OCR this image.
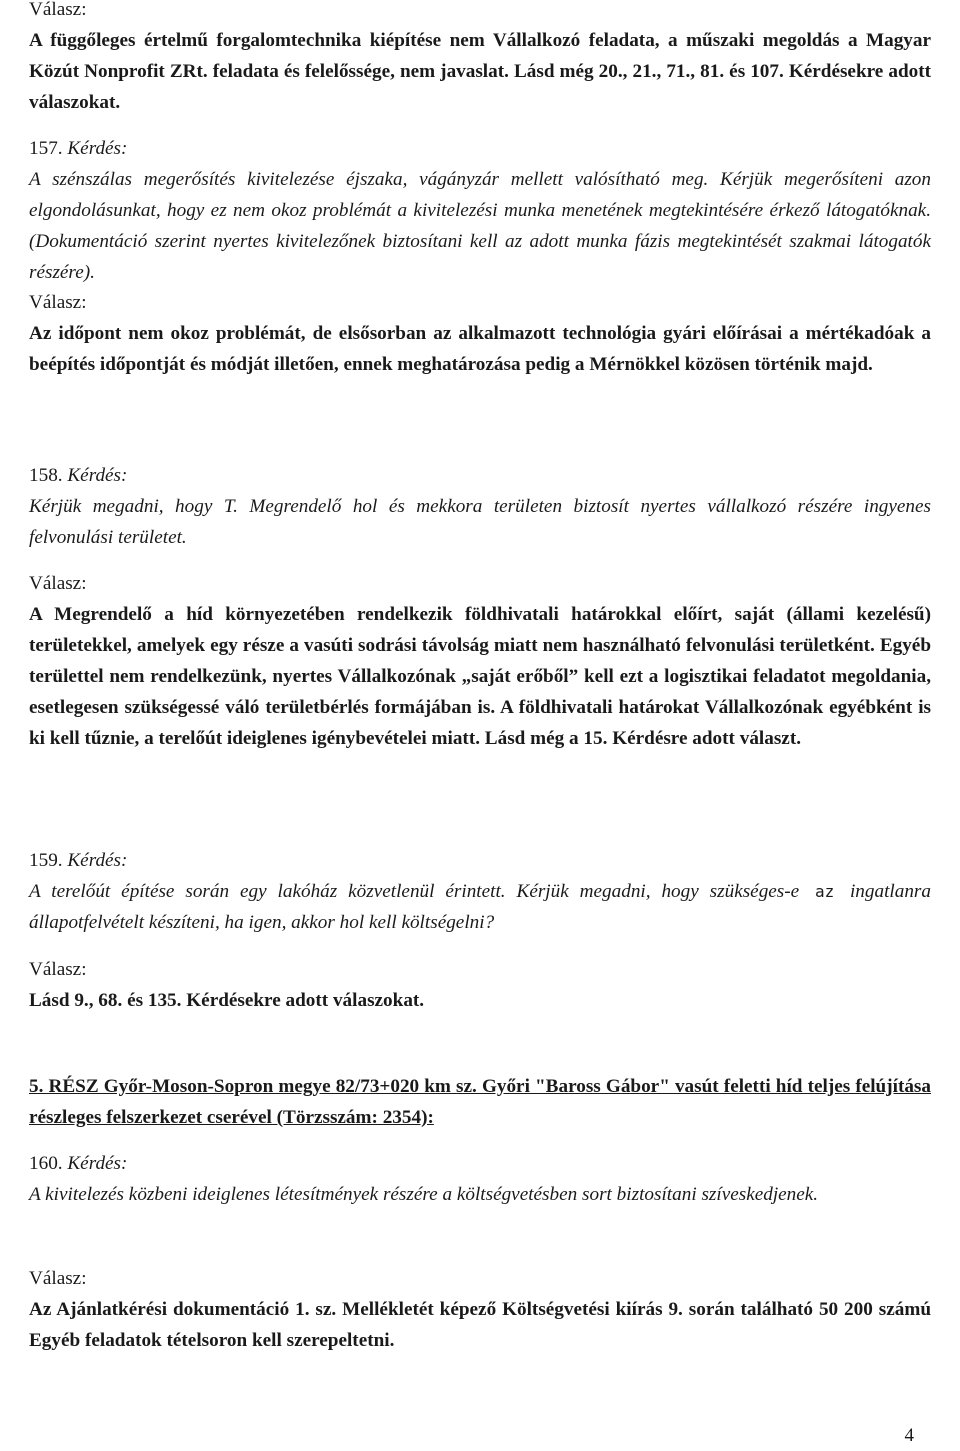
Válasz:
A függőleges értelmű forgalomtechnika kiépítése nem Vállalkozó feladata, a műszaki megoldás a Magyar Közút Nonprofit ZRt. feladata és felelőssége, nem javaslat. Lásd még 20., 21., 71., 81. és 107. Kérdésekre adott válaszokat.
157. Kérdés:
A szénszálas megerősítés kivitelezése éjszaka, vágányzár mellett valósítható meg. Kérjük megerősíteni azon elgondolásunkat, hogy ez nem okoz problémát a kivitelezési munka menetének megtekintésére érkező látogatóknak. (Dokumentáció szerint nyertes kivitelezőnek biztosítani kell az adott munka fázis megtekintését szakmai látogatók részére).
Válasz:
Az időpont nem okoz problémát, de elsősorban az alkalmazott technológia gyári előírásai a mértékadóak a beépítés időpontját és módját illetően, ennek meghatározása pedig a Mérnökkel közösen történik majd.
158. Kérdés:
Kérjük megadni, hogy T. Megrendelő hol és mekkora területen biztosít nyertes vállalkozó részére ingyenes felvonulási területet.
Válasz:
A Megrendelő a híd környezetében rendelkezik földhivatali határokkal előírt, saját (állami kezelésű) területekkel, amelyek egy része a vasúti sodrási távolság miatt nem használható felvonulási területként. Egyéb területtel nem rendelkezünk, nyertes Vállalkozónak „saját erőből” kell ezt a logisztikai feladatot megoldania, esetlegesen szükségessé váló területbérlés formájában is. A földhivatali határokat Vállalkozónak egyébként is ki kell tűznie, a terelőút ideiglenes igénybevételei miatt. Lásd még a 15. Kérdésre adott választ.
159. Kérdés:
A terelőút építése során egy lakóház közvetlenül érintett. Kérjük megadni, hogy szükséges-e az ingatlanra állapotfelvételt készíteni, ha igen, akkor hol kell költségelni?
Válasz:
Lásd 9., 68. és 135. Kérdésekre adott válaszokat.
5. RÉSZ Győr-Moson-Sopron megye 82/73+020 km sz. Győri "Baross Gábor" vasút feletti híd teljes felújítása részleges felszerkezet cserével (Törzsszám: 2354):
160. Kérdés:
A kivitelezés közbeni ideiglenes létesítmények részére a költségvetésben sort biztosítani szíveskedjenek.
Válasz:
Az Ajánlatkérési dokumentáció 1. sz. Mellékletét képező Költségvetési kiírás 9. során található 50 200 számú Egyéb feladatok tételsoron kell szerepeltetni.
4
